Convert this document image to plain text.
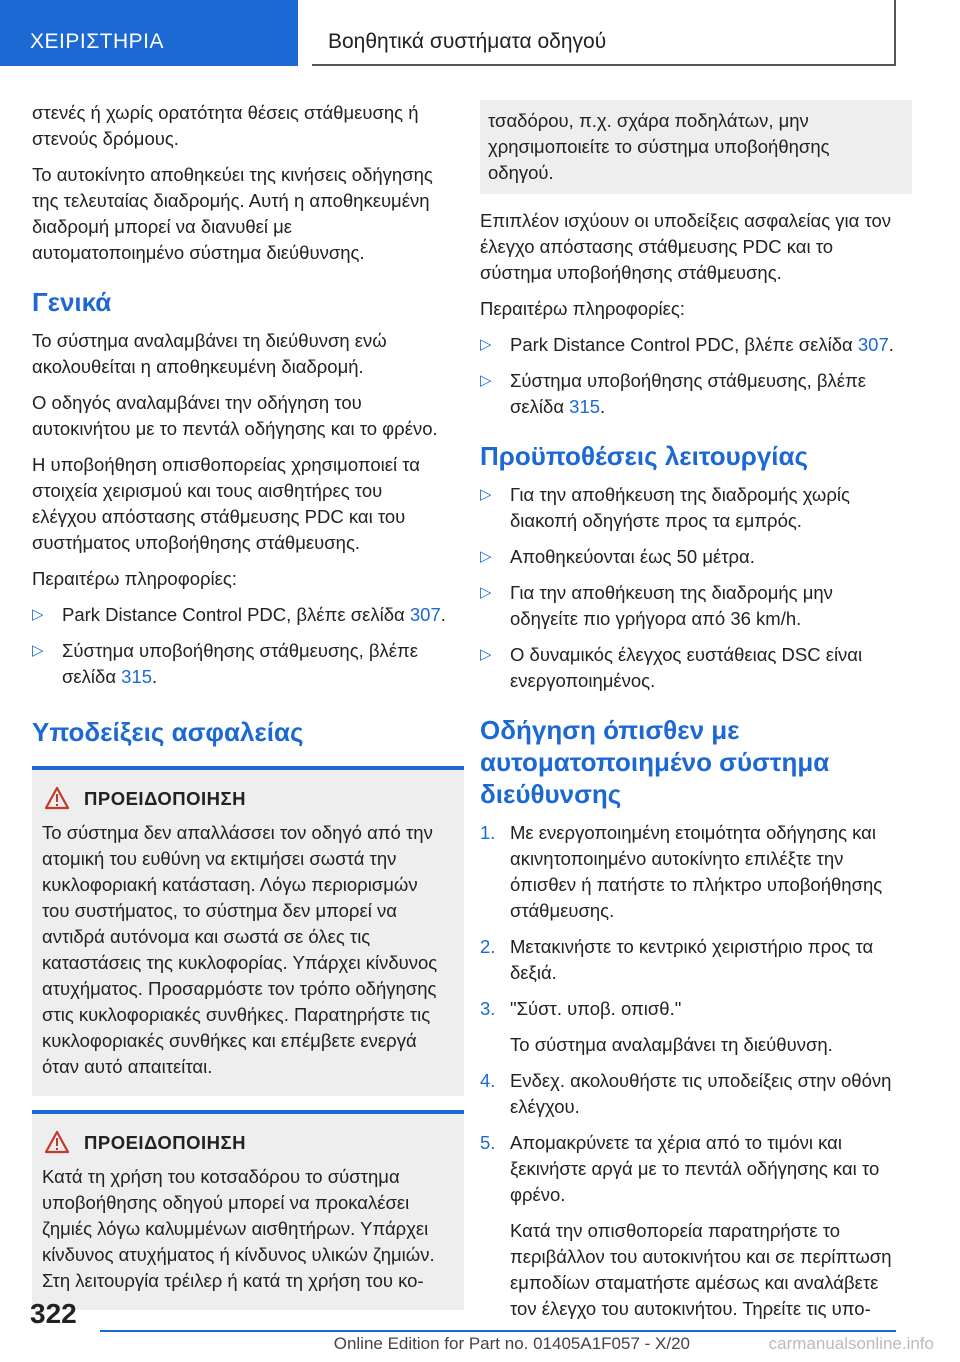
ΧΕΙΡΙΣΤΗΡΙΑ	Βοηθητικά συστήματα οδηγού

στενές ή χωρίς ορατότητα θέσεις στάθμευσης ή στενούς δρόμους.

Το αυτοκίνητο αποθηκεύει της κινήσεις οδήγησης της τελευταίας διαδρομής. Αυτή η αποθηκευμένη διαδρομή μπορεί να διανυθεί με αυτοματοποιημένο σύστημα διεύθυνσης.

Γενικά

Το σύστημα αναλαμβάνει τη διεύθυνση ενώ ακολουθείται η αποθηκευμένη διαδρομή.

Ο οδηγός αναλαμβάνει την οδήγηση του αυτοκινήτου με το πεντάλ οδήγησης και το φρένο.

Η υποβοήθηση οπισθοπορείας χρησιμοποιεί τα στοιχεία χειρισμού και τους αισθητήρες του ελέγχου απόστασης στάθμευσης PDC και του συστήματος υποβοήθησης στάθμευσης.

Περαιτέρω πληροφορίες:

▷ Park Distance Control PDC, βλέπε σελίδα 307.
▷ Σύστημα υποβοήθησης στάθμευσης, βλέπε σελίδα 315.
Υποδείξεις ασφαλείας
ΠΡΟΕΙΔΟΠΟΙΗΣΗ

Το σύστημα δεν απαλλάσσει τον οδηγό από την ατομική του ευθύνη να εκτιμήσει σωστά την κυκλοφοριακή κατάσταση. Λόγω περιορισμών του συστήματος, το σύστημα δεν μπορεί να αντιδρά αυτόνομα και σωστά σε όλες τις καταστάσεις της κυκλοφορίας. Υπάρχει κίνδυνος ατυχήματος. Προσαρμόστε τον τρόπο οδήγησης στις κυκλοφοριακές συνθήκες. Παρατηρήστε τις κυκλοφοριακές συνθήκες και επέμβετε ενεργά όταν αυτό απαιτείται.

ΠΡΟΕΙΔΟΠΟΙΗΣΗ

Κατά τη χρήση του κοτσαδόρου το σύστημα υποβοήθησης οδηγού μπορεί να προκαλέσει ζημιές λόγω καλυμμένων αισθητήρων. Υπάρχει κίνδυνος ατυχήματος ή κίνδυνος υλικών ζημιών. Στη λειτουργία τρέιλερ ή κατά τη χρήση του κο-

τσαδόρου, π.χ. σχάρα ποδηλάτων, μην χρησιμοποιείτε το σύστημα υποβοήθησης οδηγού.

Επιπλέον ισχύουν οι υποδείξεις ασφαλείας για τον έλεγχο απόστασης στάθμευσης PDC και το σύστημα υποβοήθησης στάθμευσης.

Περαιτέρω πληροφορίες:

▷ Park Distance Control PDC, βλέπε σελίδα 307.
▷ Σύστημα υποβοήθησης στάθμευσης, βλέπε σελίδα 315.
Προϋποθέσεις λειτουργίας
▷ Για την αποθήκευση της διαδρομής χωρίς διακοπή οδηγήστε προς τα εμπρός.
▷ Αποθηκεύονται έως 50 μέτρα.
▷ Για την αποθήκευση της διαδρομής μην οδηγείτε πιο γρήγορα από 36 km/h.
▷ Ο δυναμικός έλεγχος ευστάθειας DSC είναι ενεργοποιημένος.
Οδήγηση όπισθεν με αυτοματοποιημένο σύστημα διεύθυνσης
1. Με ενεργοποιημένη ετοιμότητα οδήγησης και ακινητοποιημένο αυτοκίνητο επιλέξτε την όπισθεν ή πατήστε το πλήκτρο υποβοήθησης στάθμευσης.
2. Μετακινήστε το κεντρικό χειριστήριο προς τα δεξιά.
3. "Σύστ. υποβ. οπισθ."

Το σύστημα αναλαμβάνει τη διεύθυνση.

4. Ενδεχ. ακολουθήστε τις υποδείξεις στην οθόνη ελέγχου.
5. Απομακρύνετε τα χέρια από το τιμόνι και ξεκινήστε αργά με το πεντάλ οδήγησης και το φρένο.

Κατά την οπισθοπορεία παρατηρήστε το περιβάλλον του αυτοκινήτου και σε περίπτωση εμποδίων σταματήστε αμέσως και αναλάβετε τον έλεγχο του αυτοκινήτου. Τηρείτε τις υπο-

322
carmanualsonline.info
Online Edition for Part no. 01405A1F057 - X/20
